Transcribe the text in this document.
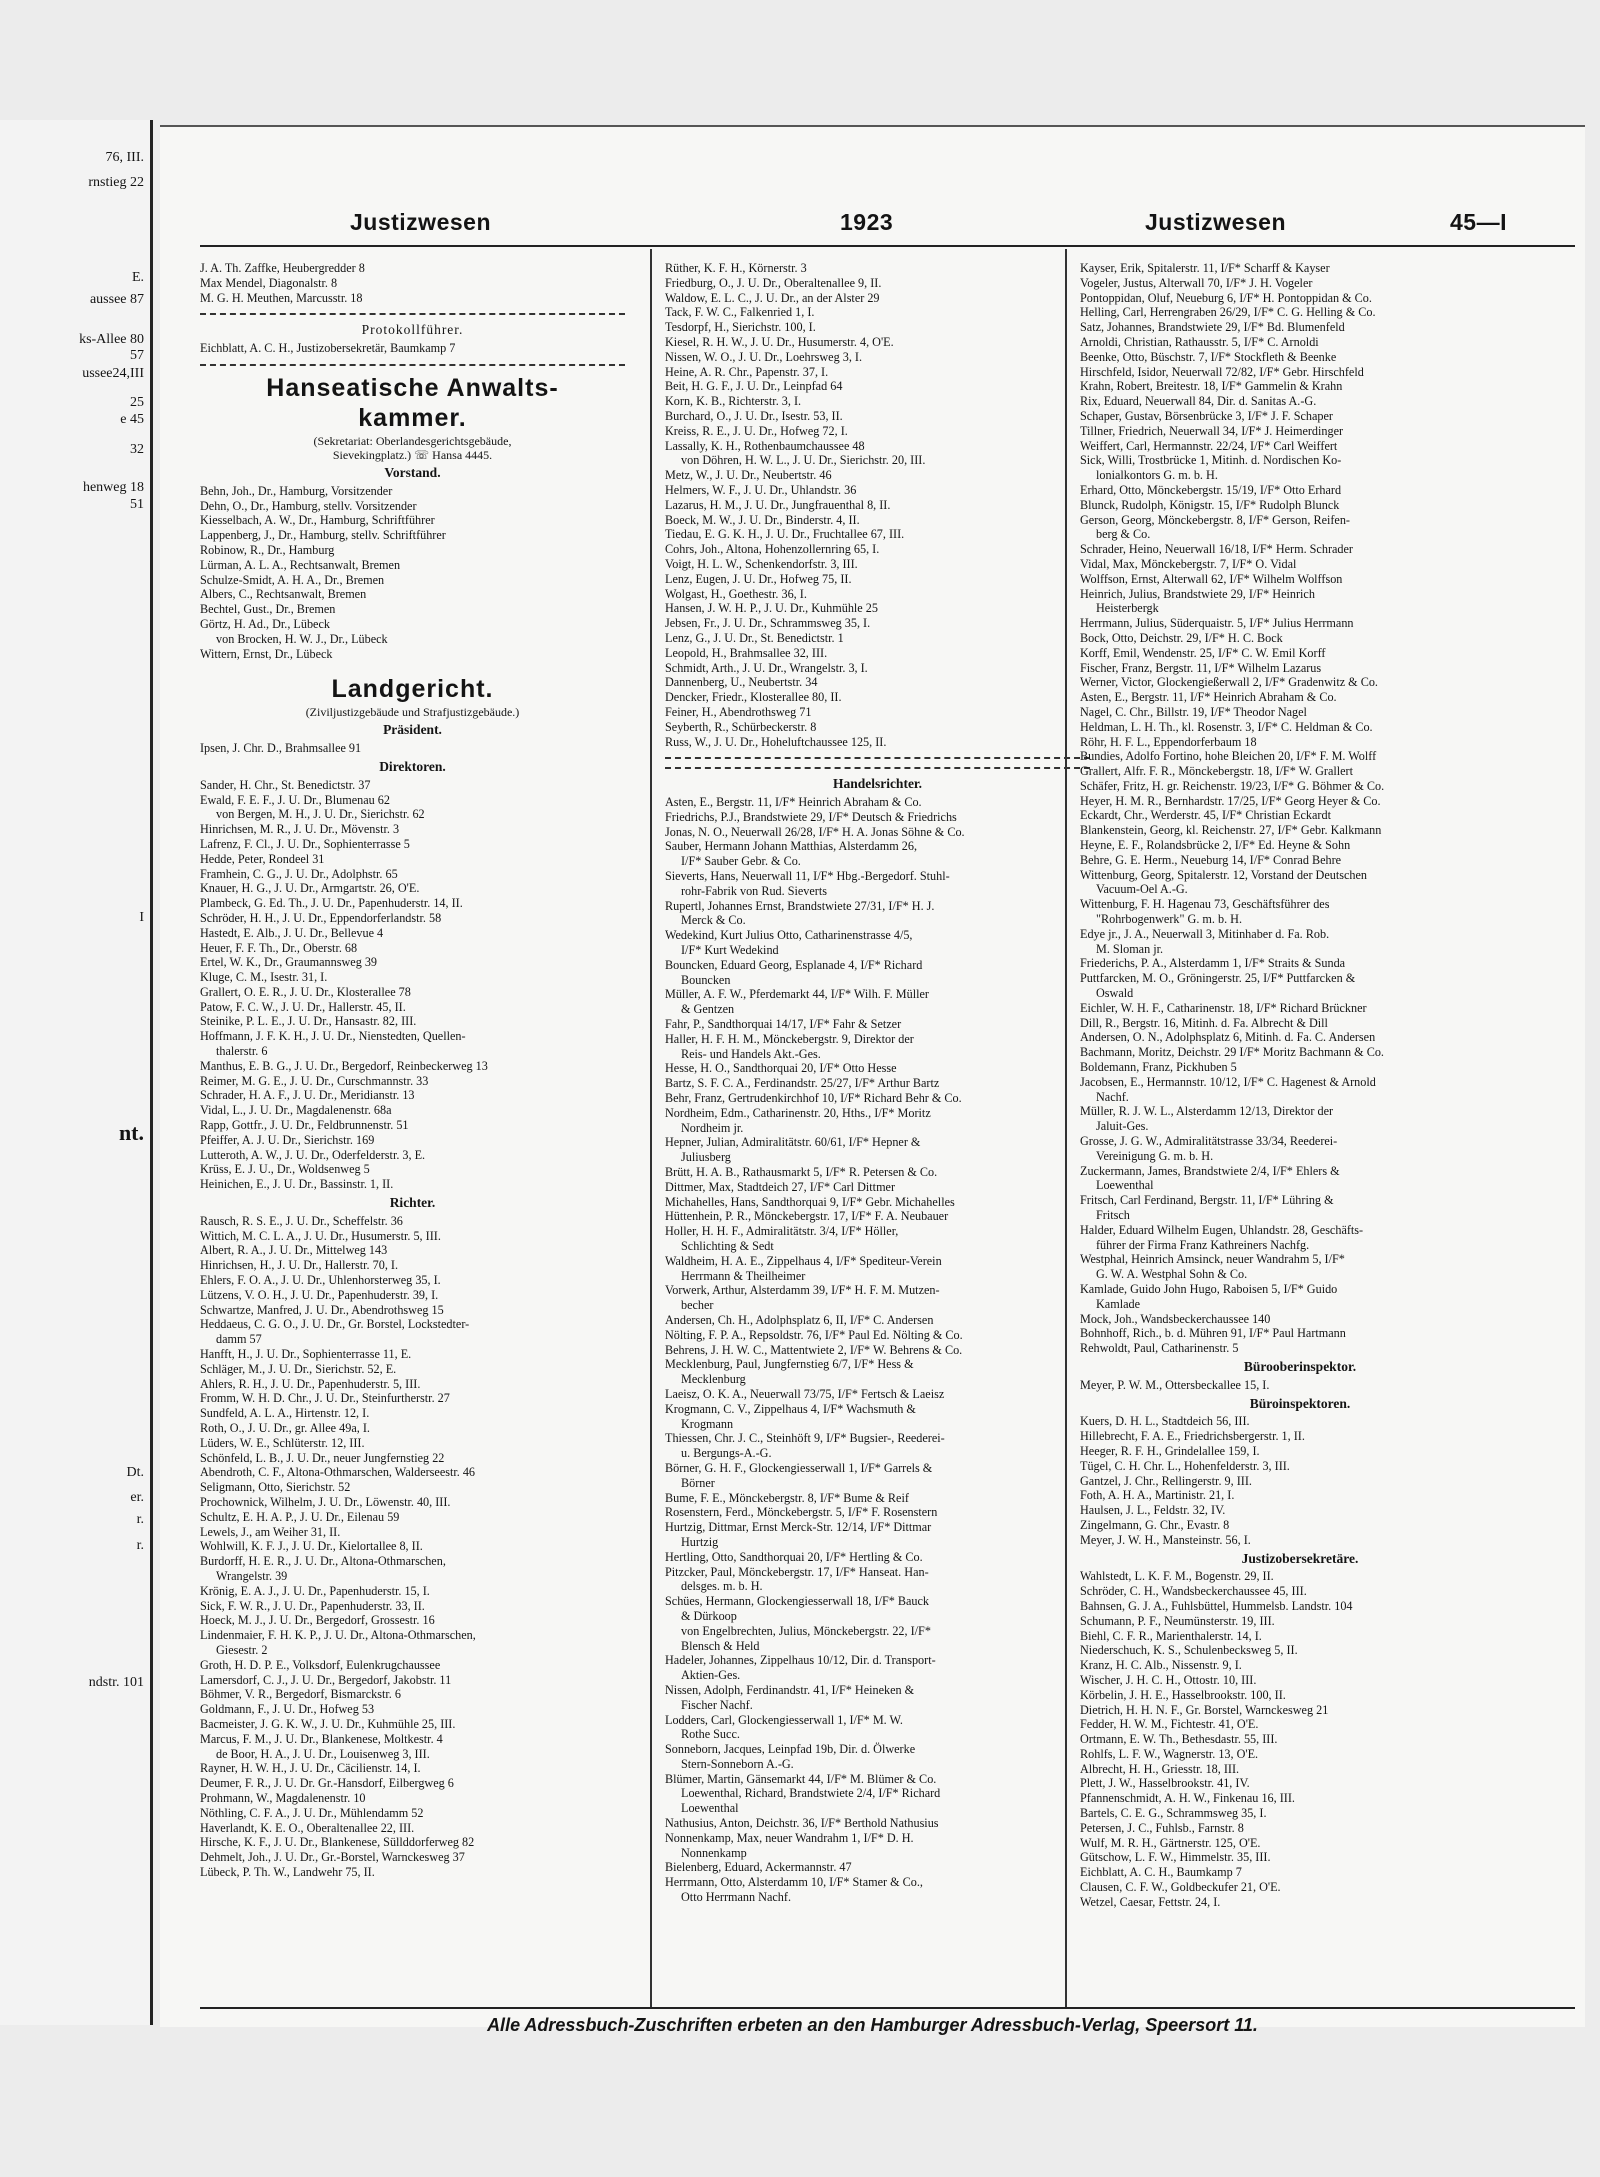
76, III.
rnstieg 22
E.
aussee 87
ks-Allee 80
57
ussee24,III
25
e 45
32
henweg 18
51
I
nt.
Dt.
er.
r.
r.
ndstr. 101
Justizwesen	1923	Justizwesen	45—I
J. A. Th. Zaffke, Heubergredder 8
Max Mendel, Diagonalstr. 8
M. G. H. Meuthen, Marcusstr. 18
Protokollführer.
Eichblatt, A. C. H., Justizobersekretär, Baumkamp 7
Hanseatische Anwalts-
kammer.
(Sekretariat: Oberlandesgerichtsgebäude,
Sievekingplatz.) ☏ Hansa 4445.
Vorstand.
Behn, Joh., Dr., Hamburg, Vorsitzender
Dehn, O., Dr., Hamburg, stellv. Vorsitzender
Kiesselbach, A. W., Dr., Hamburg, Schriftführer
Lappenberg, J., Dr., Hamburg, stellv. Schriftführer
Robinow, R., Dr., Hamburg
Lürman, A. L. A., Rechtsanwalt, Bremen
Schulze-Smidt, A. H. A., Dr., Bremen
Albers, C., Rechtsanwalt, Bremen
Bechtel, Gust., Dr., Bremen
Görtz, H. Ad., Dr., Lübeck
von Brocken, H. W. J., Dr., Lübeck
Wittern, Ernst, Dr., Lübeck
Landgericht.
(Ziviljustizgebäude und Strafjustizgebäude.)
Präsident.
Ipsen, J. Chr. D., Brahmsallee 91
Direktoren.
Sander, H. Chr., St. Benedictstr. 37
Ewald, F. E. F., J. U. Dr., Blumenau 62
von Bergen, M. H., J. U. Dr., Sierichstr. 62
Hinrichsen, M. R., J. U. Dr., Mövenstr. 3
Lafrenz, F. Cl., J. U. Dr., Sophienterrasse 5
Hedde, Peter, Rondeel 31
Framhein, C. G., J. U. Dr., Adolphstr. 65
Knauer, H. G., J. U. Dr., Armgartstr. 26, O'E.
Plambeck, G. Ed. Th., J. U. Dr., Papenhuderstr. 14, II.
Schröder, H. H., J. U. Dr., Eppendorferlandstr. 58
Hastedt, E. Alb., J. U. Dr., Bellevue 4
Heuer, F. F. Th., Dr., Oberstr. 68
Ertel, W. K., Dr., Graumannsweg 39
Kluge, C. M., Isestr. 31, I.
Grallert, O. E. R., J. U. Dr., Klosterallee 78
Patow, F. C. W., J. U. Dr., Hallerstr. 45, II.
Steinike, P. L. E., J. U. Dr., Hansastr. 82, III.
Hoffmann, J. F. K. H., J. U. Dr., Nienstedten, Quellen-
thalerstr. 6
Manthus, E. B. G., J. U. Dr., Bergedorf, Reinbeckerweg 13
Reimer, M. G. E., J. U. Dr., Curschmannstr. 33
Schrader, H. A. F., J. U. Dr., Meridianstr. 13
Vidal, L., J. U. Dr., Magdalenenstr. 68a
Rapp, Gottfr., J. U. Dr., Feldbrunnenstr. 51
Pfeiffer, A. J. U. Dr., Sierichstr. 169
Lutteroth, A. W., J. U. Dr., Oderfelderstr. 3, E.
Krüss, E. J. U., Dr., Woldsenweg 5
Heinichen, E., J. U. Dr., Bassinstr. 1, II.
Richter.
Rausch, R. S. E., J. U. Dr., Scheffelstr. 36
Wittich, M. C. L. A., J. U. Dr., Husumerstr. 5, III.
Albert, R. A., J. U. Dr., Mittelweg 143
Hinrichsen, H., J. U. Dr., Hallerstr. 70, I.
Ehlers, F. O. A., J. U. Dr., Uhlenhorsterweg 35, I.
Lützens, V. O. H., J. U. Dr., Papenhuderstr. 39, I.
Schwartze, Manfred, J. U. Dr., Abendrothsweg 15
Heddaeus, C. G. O., J. U. Dr., Gr. Borstel, Lockstedter-
damm 57
Hanfft, H., J. U. Dr., Sophienterrasse 11, E.
Schläger, M., J. U. Dr., Sierichstr. 52, E.
Ahlers, R. H., J. U. Dr., Papenhuderstr. 5, III.
Fromm, W. H. D. Chr., J. U. Dr., Steinfurtherstr. 27
Sundfeld, A. L. A., Hirtenstr. 12, I.
Roth, O., J. U. Dr., gr. Allee 49a, I.
Lüders, W. E., Schlüterstr. 12, III.
Schönfeld, L. B., J. U. Dr., neuer Jungfernstieg 22
Abendroth, C. F., Altona-Othmarschen, Walderseestr. 46
Seligmann, Otto, Sierichstr. 52
Prochownick, Wilhelm, J. U. Dr., Löwenstr. 40, III.
Schultz, E. H. A. P., J. U. Dr., Eilenau 59
Lewels, J., am Weiher 31, II.
Wohlwill, K. F. J., J. U. Dr., Kielortallee 8, II.
Burdorff, H. E. R., J. U. Dr., Altona-Othmarschen,
Wrangelstr. 39
Krönig, E. A. J., J. U. Dr., Papenhuderstr. 15, I.
Sick, F. W. R., J. U. Dr., Papenhuderstr. 33, II.
Hoeck, M. J., J. U. Dr., Bergedorf, Grossestr. 16
Lindenmaier, F. H. K. P., J. U. Dr., Altona-Othmarschen,
Giesestr. 2
Groth, H. D. P. E., Volksdorf, Eulenkrugchaussee
Lamersdorf, C. J., J. U. Dr., Bergedorf, Jakobstr. 11
Böhmer, V. R., Bergedorf, Bismarckstr. 6
Goldmann, F., J. U. Dr., Hofweg 53
Bacmeister, J. G. K. W., J. U. Dr., Kuhmühle 25, III.
Marcus, F. M., J. U. Dr., Blankenese, Moltkestr. 4
de Boor, H. A., J. U. Dr., Louisenweg 3, III.
Rayner, H. W. H., J. U. Dr., Cäcilienstr. 14, I.
Deumer, F. R., J. U. Dr. Gr.-Hansdorf, Eilbergweg 6
Prohmann, W., Magdalenenstr. 10
Nöthling, C. F. A., J. U. Dr., Mühlendamm 52
Haverlandt, K. E. O., Oberaltenallee 22, III.
Hirsche, K. F., J. U. Dr., Blankenese, Süllddorferweg 82
Dehmelt, Joh., J. U. Dr., Gr.-Borstel, Warnckesweg 37
Lübeck, P. Th. W., Landwehr 75, II.
Rüther, K. F. H., Körnerstr. 3
Friedburg, O., J. U. Dr., Oberaltenallee 9, II.
Waldow, E. L. C., J. U. Dr., an der Alster 29
Tack, F. W. C., Falkenried 1, I.
Tesdorpf, H., Sierichstr. 100, I.
Kiesel, R. H. W., J. U. Dr., Husumerstr. 4, O'E.
Nissen, W. O., J. U. Dr., Loehrsweg 3, I.
Heine, A. R. Chr., Papenstr. 37, I.
Beit, H. G. F., J. U. Dr., Leinpfad 64
Korn, K. B., Richterstr. 3, I.
Burchard, O., J. U. Dr., Isestr. 53, II.
Kreiss, R. E., J. U. Dr., Hofweg 72, I.
Lassally, K. H., Rothenbaumchaussee 48
von Döhren, H. W. L., J. U. Dr., Sierichstr. 20, III.
Metz, W., J. U. Dr., Neubertstr. 46
Helmers, W. F., J. U. Dr., Uhlandstr. 36
Lazarus, H. M., J. U. Dr., Jungfrauenthal 8, II.
Boeck, M. W., J. U. Dr., Binderstr. 4, II.
Tiedau, E. G. K. H., J. U. Dr., Fruchtallee 67, III.
Cohrs, Joh., Altona, Hohenzollernring 65, I.
Voigt, H. L. W., Schenkendorfstr. 3, III.
Lenz, Eugen, J. U. Dr., Hofweg 75, II.
Wolgast, H., Goethestr. 36, I.
Hansen, J. W. H. P., J. U. Dr., Kuhmühle 25
Jebsen, Fr., J. U. Dr., Schrammsweg 35, I.
Lenz, G., J. U. Dr., St. Benedictstr. 1
Leopold, H., Brahmsallee 32, III.
Schmidt, Arth., J. U. Dr., Wrangelstr. 3, I.
Dannenberg, U., Neubertstr. 34
Dencker, Friedr., Klosterallee 80, II.
Feiner, H., Abendrothsweg 71
Seyberth, R., Schürbeckerstr. 8
Russ, W., J. U. Dr., Hoheluftchaussee 125, II.
Handelsrichter.
Asten, E., Bergstr. 11, I/F* Heinrich Abraham & Co.
Friedrichs, P.J., Brandstwiete 29, I/F* Deutsch & Friedrichs
Jonas, N. O., Neuerwall 26/28, I/F* H. A. Jonas Söhne & Co.
Sauber, Hermann Johann Matthias, Alsterdamm 26,
I/F* Sauber Gebr. & Co.
Sieverts, Hans, Neuerwall 11, I/F* Hbg.-Bergedorf. Stuhl-
rohr-Fabrik von Rud. Sieverts
Rupertl, Johannes Ernst, Brandstwiete 27/31, I/F* H. J.
Merck & Co.
Wedekind, Kurt Julius Otto, Catharinenstrasse 4/5,
I/F* Kurt Wedekind
Bouncken, Eduard Georg, Esplanade 4, I/F* Richard
Bouncken
Müller, A. F. W., Pferdemarkt 44, I/F* Wilh. F. Müller
& Gentzen
Fahr, P., Sandthorquai 14/17, I/F* Fahr & Setzer
Haller, H. F. H. M., Mönckebergstr. 9, Direktor der
Reis- und Handels Akt.-Ges.
Hesse, H. O., Sandthorquai 20, I/F* Otto Hesse
Bartz, S. F. C. A., Ferdinandstr. 25/27, I/F* Arthur Bartz
Behr, Franz, Gertrudenkirchhof 10, I/F* Richard Behr & Co.
Nordheim, Edm., Catharinenstr. 20, Hths., I/F* Moritz
Nordheim jr.
Hepner, Julian, Admiralitätstr. 60/61, I/F* Hepner &
Juliusberg
Brütt, H. A. B., Rathausmarkt 5, I/F* R. Petersen & Co.
Dittmer, Max, Stadtdeich 27, I/F* Carl Dittmer
Michahelles, Hans, Sandthorquai 9, I/F* Gebr. Michahelles
Hüttenhein, P. R., Mönckebergstr. 17, I/F* F. A. Neubauer
Holler, H. H. F., Admiralitätstr. 3/4, I/F* Höller,
Schlichting & Sedt
Waldheim, H. A. E., Zippelhaus 4, I/F* Spediteur-Verein
Herrmann & Theilheimer
Vorwerk, Arthur, Alsterdamm 39, I/F* H. F. M. Mutzen-
becher
Andersen, Ch. H., Adolphsplatz 6, II, I/F* C. Andersen
Nölting, F. P. A., Repsoldstr. 76, I/F* Paul Ed. Nölting & Co.
Behrens, J. H. W. C., Mattentwiete 2, I/F* W. Behrens & Co.
Mecklenburg, Paul, Jungfernstieg 6/7, I/F* Hess &
Mecklenburg
Laeisz, O. K. A., Neuerwall 73/75, I/F* Fertsch & Laeisz
Krogmann, C. V., Zippelhaus 4, I/F* Wachsmuth &
Krogmann
Thiessen, Chr. J. C., Steinhöft 9, I/F* Bugsier-, Reederei-
u. Bergungs-A.-G.
Börner, G. H. F., Glockengiesserwall 1, I/F* Garrels &
Börner
Bume, F. E., Mönckebergstr. 8, I/F* Bume & Reif
Rosenstern, Ferd., Mönckebergstr. 5, I/F* F. Rosenstern
Hurtzig, Dittmar, Ernst Merck-Str. 12/14, I/F* Dittmar
Hurtzig
Hertling, Otto, Sandthorquai 20, I/F* Hertling & Co.
Pitzcker, Paul, Mönckebergstr. 17, I/F* Hanseat. Han-
delsges. m. b. H.
Schües, Hermann, Glockengiesserwall 18, I/F* Bauck
& Dürkoop
von Engelbrechten, Julius, Mönckebergstr. 22, I/F*
Blensch & Held
Hadeler, Johannes, Zippelhaus 10/12, Dir. d. Transport-
Aktien-Ges.
Nissen, Adolph, Ferdinandstr. 41, I/F* Heineken &
Fischer Nachf.
Lodders, Carl, Glockengiesserwall 1, I/F* M. W.
Rothe Succ.
Sonneborn, Jacques, Leinpfad 19b, Dir. d. Ölwerke
Stern-Sonneborn A.-G.
Blümer, Martin, Gänsemarkt 44, I/F* M. Blümer & Co.
Loewenthal, Richard, Brandstwiete 2/4, I/F* Richard
Loewenthal
Nathusius, Anton, Deichstr. 36, I/F* Berthold Nathusius
Nonnenkamp, Max, neuer Wandrahm 1, I/F* D. H.
Nonnenkamp
Bielenberg, Eduard, Ackermannstr. 47
Herrmann, Otto, Alsterdamm 10, I/F* Stamer & Co.,
Otto Herrmann Nachf.
Kayser, Erik, Spitalerstr. 11, I/F* Scharff & Kayser
Vogeler, Justus, Alterwall 70, I/F* J. H. Vogeler
Pontoppidan, Oluf, Neueburg 6, I/F* H. Pontoppidan & Co.
Helling, Carl, Herrengraben 26/29, I/F* C. G. Helling & Co.
Satz, Johannes, Brandstwiete 29, I/F* Bd. Blumenfeld
Arnoldi, Christian, Rathausstr. 5, I/F* C. Arnoldi
Beenke, Otto, Büschstr. 7, I/F* Stockfleth & Beenke
Hirschfeld, Isidor, Neuerwall 72/82, I/F* Gebr. Hirschfeld
Krahn, Robert, Breitestr. 18, I/F* Gammelin & Krahn
Rix, Eduard, Neuerwall 84, Dir. d. Sanitas A.-G.
Schaper, Gustav, Börsenbrücke 3, I/F* J. F. Schaper
Tillner, Friedrich, Neuerwall 34, I/F* J. Heimerdinger
Weiffert, Carl, Hermannstr. 22/24, I/F* Carl Weiffert
Sick, Willi, Trostbrücke 1, Mitinh. d. Nordischen Ko-
lonialkontors G. m. b. H.
Erhard, Otto, Mönckebergstr. 15/19, I/F* Otto Erhard
Blunck, Rudolph, Königstr. 15, I/F* Rudolph Blunck
Gerson, Georg, Mönckebergstr. 8, I/F* Gerson, Reifen-
berg & Co.
Schrader, Heino, Neuerwall 16/18, I/F* Herm. Schrader
Vidal, Max, Mönckebergstr. 7, I/F* O. Vidal
Wolffson, Ernst, Alterwall 62, I/F* Wilhelm Wolffson
Heinrich, Julius, Brandstwiete 29, I/F* Heinrich
Heisterbergk
Herrmann, Julius, Süderquaistr. 5, I/F* Julius Herrmann
Bock, Otto, Deichstr. 29, I/F* H. C. Bock
Korff, Emil, Wendenstr. 25, I/F* C. W. Emil Korff
Fischer, Franz, Bergstr. 11, I/F* Wilhelm Lazarus
Werner, Victor, Glockengießerwall 2, I/F* Gradenwitz & Co.
Asten, E., Bergstr. 11, I/F* Heinrich Abraham & Co.
Nagel, C. Chr., Billstr. 19, I/F* Theodor Nagel
Heldman, L. H. Th., kl. Rosenstr. 3, I/F* C. Heldman & Co.
Röhr, H. F. L., Eppendorferbaum 18
Bundies, Adolfo Fortino, hohe Bleichen 20, I/F* F. M. Wolff
Grallert, Alfr. F. R., Mönckebergstr. 18, I/F* W. Grallert
Schäfer, Fritz, H. gr. Reichenstr. 19/23, I/F* G. Böhmer & Co.
Heyer, H. M. R., Bernhardstr. 17/25, I/F* Georg Heyer & Co.
Eckardt, Chr., Werderstr. 45, I/F* Christian Eckardt
Blankenstein, Georg, kl. Reichenstr. 27, I/F* Gebr. Kalkmann
Heyne, E. F., Rolandsbrücke 2, I/F* Ed. Heyne & Sohn
Behre, G. E. Herm., Neueburg 14, I/F* Conrad Behre
Wittenburg, Georg, Spitalerstr. 12, Vorstand der Deutschen
Vacuum-Oel A.-G.
Wittenburg, F. H. Hagenau 73, Geschäftsführer des
"Rohrbogenwerk" G. m. b. H.
Edye jr., J. A., Neuerwall 3, Mitinhaber d. Fa. Rob.
M. Sloman jr.
Friederichs, P. A., Alsterdamm 1, I/F* Straits & Sunda
Puttfarcken, M. O., Gröningerstr. 25, I/F* Puttfarcken &
Oswald
Eichler, W. H. F., Catharinenstr. 18, I/F* Richard Brückner
Dill, R., Bergstr. 16, Mitinh. d. Fa. Albrecht & Dill
Andersen, O. N., Adolphsplatz 6, Mitinh. d. Fa. C. Andersen
Bachmann, Moritz, Deichstr. 29 I/F* Moritz Bachmann & Co.
Boldemann, Franz, Pickhuben 5
Jacobsen, E., Hermannstr. 10/12, I/F* C. Hagenest & Arnold
Nachf.
Müller, R. J. W. L., Alsterdamm 12/13, Direktor der
Jaluit-Ges.
Grosse, J. G. W., Admiralitätstrasse 33/34, Reederei-
Vereinigung G. m. b. H.
Zuckermann, James, Brandstwiete 2/4, I/F* Ehlers &
Loewenthal
Fritsch, Carl Ferdinand, Bergstr. 11, I/F* Lühring &
Fritsch
Halder, Eduard Wilhelm Eugen, Uhlandstr. 28, Geschäfts-
führer der Firma Franz Kathreiners Nachfg.
Westphal, Heinrich Amsinck, neuer Wandrahm 5, I/F*
G. W. A. Westphal Sohn & Co.
Kamlade, Guido John Hugo, Raboisen 5, I/F* Guido
Kamlade
Mock, Joh., Wandsbeckerchaussee 140
Bohnhoff, Rich., b. d. Mühren 91, I/F* Paul Hartmann
Rehwoldt, Paul, Catharinenstr. 5
Bürooberinspektor.
Meyer, P. W. M., Ottersbeckallee 15, I.
Büroinspektoren.
Kuers, D. H. L., Stadtdeich 56, III.
Hillebrecht, F. A. E., Friedrichsbergerstr. 1, II.
Heeger, R. F. H., Grindelallee 159, I.
Tügel, C. H. Chr. L., Hohenfelderstr. 3, III.
Gantzel, J. Chr., Rellingerstr. 9, III.
Foth, A. H. A., Martinistr. 21, I.
Haulsen, J. L., Feldstr. 32, IV.
Zingelmann, G. Chr., Evastr. 8
Meyer, J. W. H., Mansteinstr. 56, I.
Justizobersekretäre.
Wahlstedt, L. K. F. M., Bogenstr. 29, II.
Schröder, C. H., Wandsbeckerchaussee 45, III.
Bahnsen, G. J. A., Fuhlsbüttel, Hummelsb. Landstr. 104
Schumann, P. F., Neumünsterstr. 19, III.
Biehl, C. F. R., Marienthalerstr. 14, I.
Niederschuch, K. S., Schulenbecksweg 5, II.
Kranz, H. C. Alb., Nissenstr. 9, I.
Wischer, J. H. C. H., Ottostr. 10, III.
Körbelin, J. H. E., Hasselbrookstr. 100, II.
Dietrich, H. H. N. F., Gr. Borstel, Warnckesweg 21
Fedder, H. W. M., Fichtestr. 41, O'E.
Ortmann, E. W. Th., Bethesdastr. 55, III.
Rohlfs, L. F. W., Wagnerstr. 13, O'E.
Albrecht, H. H., Griesstr. 18, III.
Plett, J. W., Hasselbrookstr. 41, IV.
Pfannenschmidt, A. H. W., Finkenau 16, III.
Bartels, C. E. G., Schrammsweg 35, I.
Petersen, J. C., Fuhlsb., Farnstr. 8
Wulf, M. R. H., Gärtnerstr. 125, O'E.
Gütschow, L. F. W., Himmelstr. 35, III.
Eichblatt, A. C. H., Baumkamp 7
Clausen, C. F. W., Goldbeckufer 21, O'E.
Wetzel, Caesar, Fettstr. 24, I.
Alle Adressbuch-Zuschriften erbeten an den Hamburger Adressbuch-Verlag, Speersort 11.
